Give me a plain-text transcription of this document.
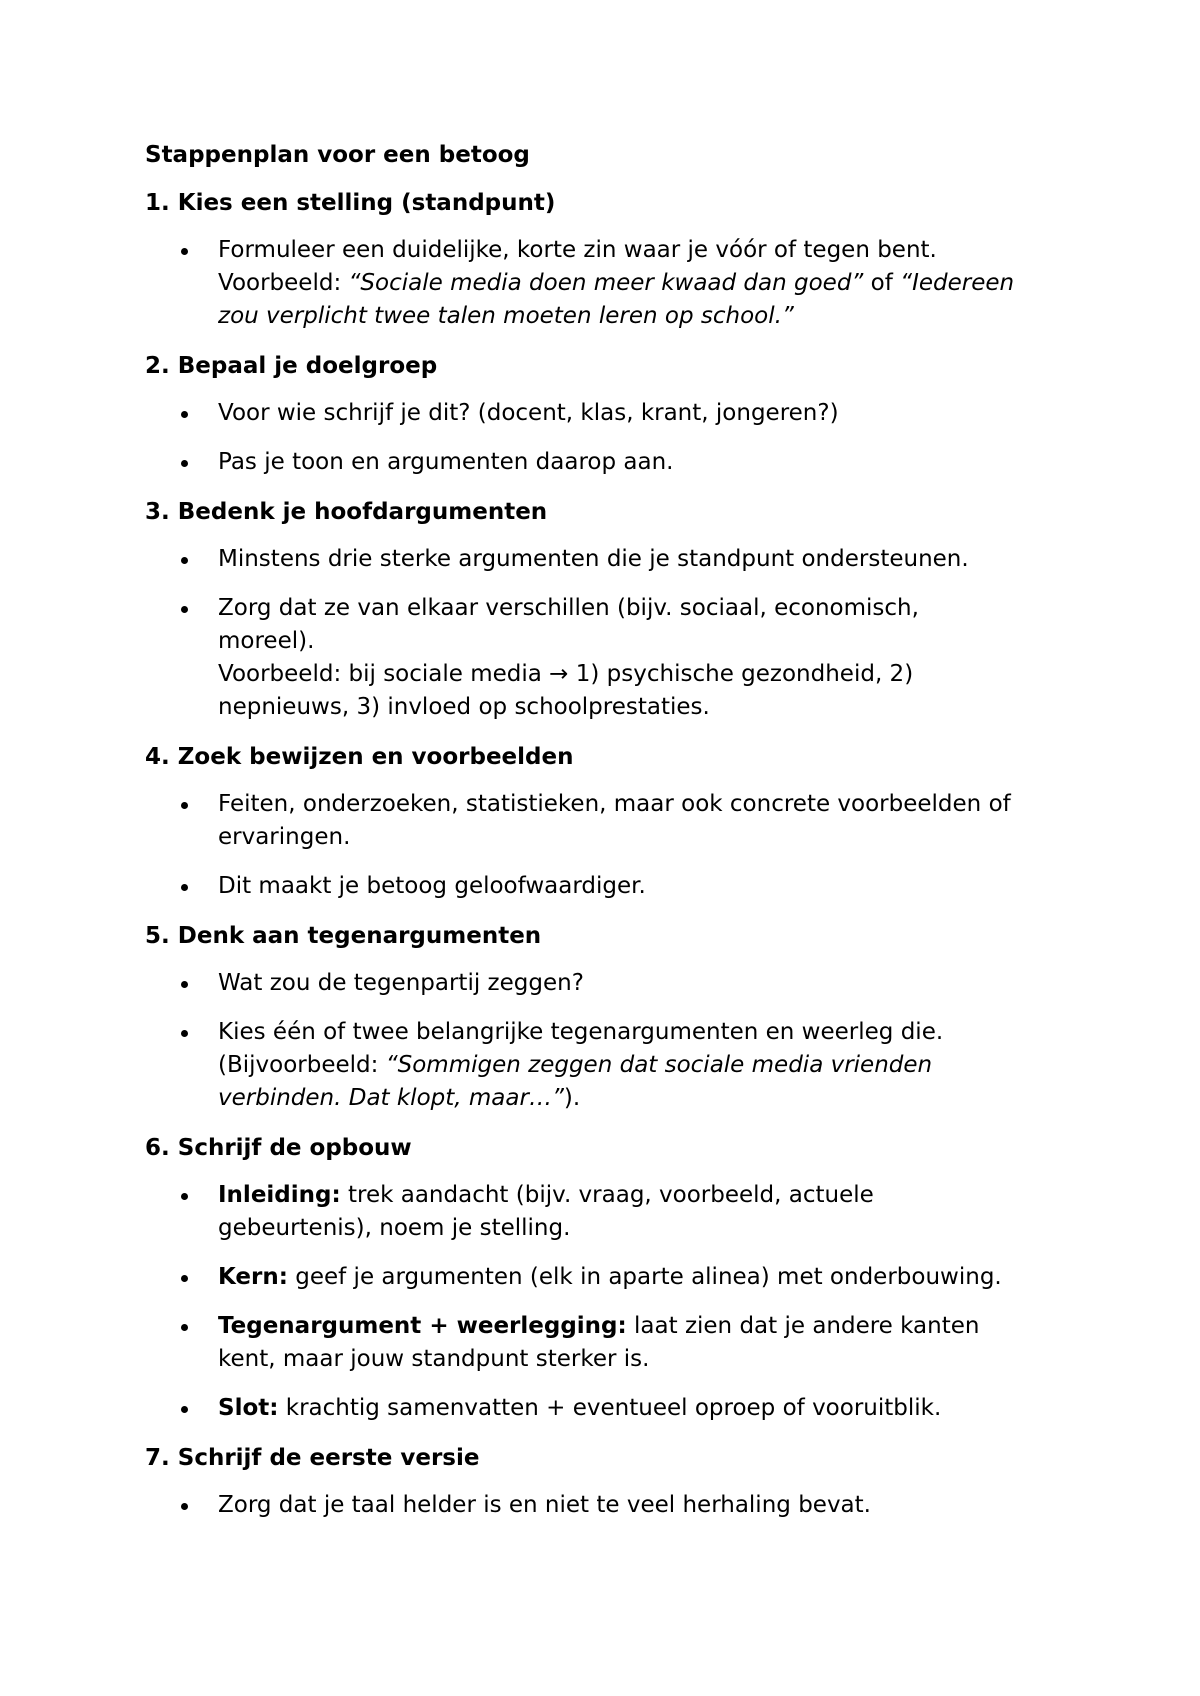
Stappenplan voor een betoog
1. Kies een stelling (standpunt)
Formuleer een duidelijke, korte zin waar je vóór of tegen bent.
Voorbeeld: “Sociale media doen meer kwaad dan goed” of “Iedereen
zou verplicht twee talen moeten leren op school.”
2. Bepaal je doelgroep
Voor wie schrijf je dit? (docent, klas, krant, jongeren?)
Pas je toon en argumenten daarop aan.
3. Bedenk je hoofdargumenten
Minstens drie sterke argumenten die je standpunt ondersteunen.
Zorg dat ze van elkaar verschillen (bijv. sociaal, economisch,
moreel).
Voorbeeld: bij sociale media → 1) psychische gezondheid, 2)
nepnieuws, 3) invloed op schoolprestaties.
4. Zoek bewijzen en voorbeelden
Feiten, onderzoeken, statistieken, maar ook concrete voorbeelden of
ervaringen.
Dit maakt je betoog geloofwaardiger.
5. Denk aan tegenargumenten
Wat zou de tegenpartij zeggen?
Kies één of twee belangrijke tegenargumenten en weerleg die.
(Bijvoorbeeld: “Sommigen zeggen dat sociale media vrienden
verbinden. Dat klopt, maar…”).
6. Schrijf de opbouw
Inleiding: trek aandacht (bijv. vraag, voorbeeld, actuele
gebeurtenis), noem je stelling.
Kern: geef je argumenten (elk in aparte alinea) met onderbouwing.
Tegenargument + weerlegging: laat zien dat je andere kanten
kent, maar jouw standpunt sterker is.
Slot: krachtig samenvatten + eventueel oproep of vooruitblik.
7. Schrijf de eerste versie
Zorg dat je taal helder is en niet te veel herhaling bevat.
